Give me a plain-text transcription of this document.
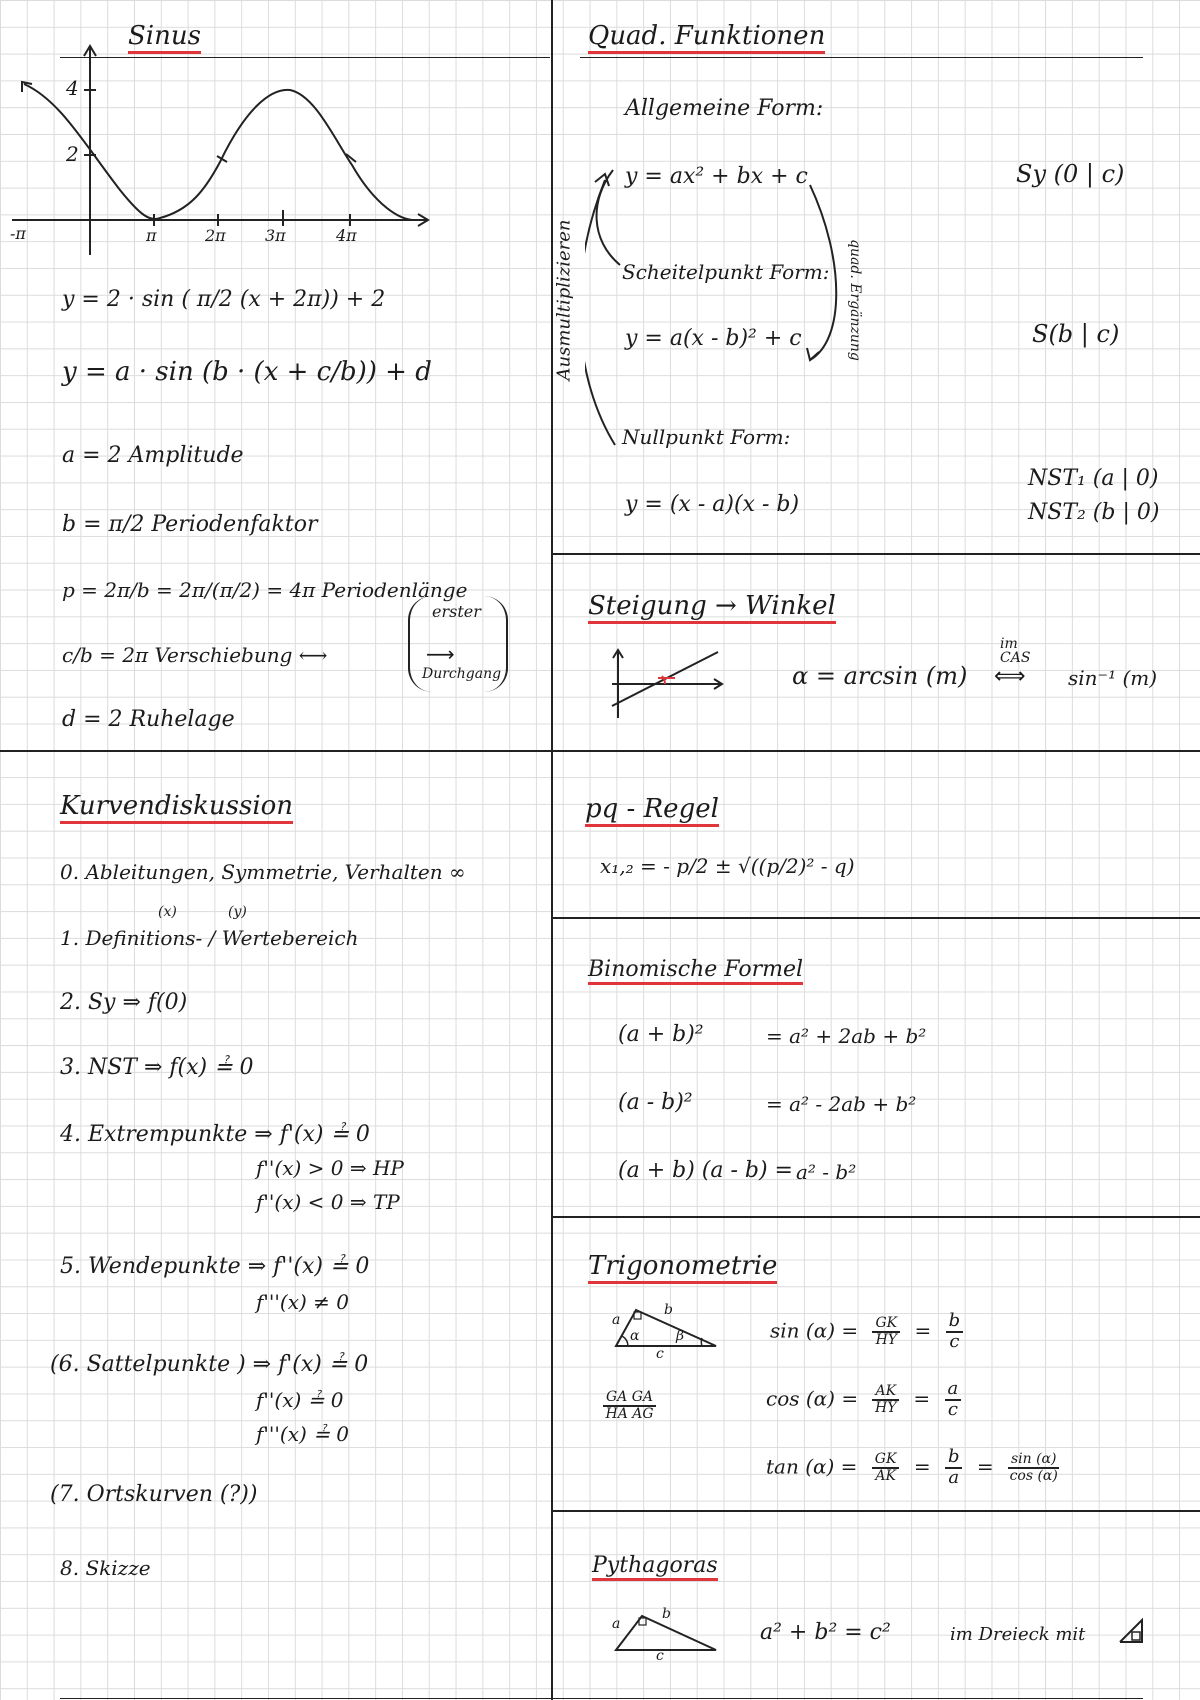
Sinus
4
2
-π	π	2π 3π	4π
y = 2 · sin ( π/2 (x + 2π)) + 2
y = a · sin (b · (x + c/b)) + d
a = 2 Amplitude
b = π/2 Periodenfaktor
p = 2π/b = 2π/(π/2) = 4π Periodenlänge
c/b = 2π Verschiebung ⟷
erster
⟶
Durchgang
d = 2 Ruhelage
Quad. Funktionen
Allgemeine Form:
y = ax² + bx + c	Sy (0 | c)
Scheitelpunkt Form:
y = a(x - b)² + c	S(b | c)
Nullpunkt Form:
y = (x - a)(x - b)
NST₁ (a | 0)
NST₂ (b | 0)
Ausmultiplizieren	quad. Ergänzung
Steigung → Winkel
α = arcsin (m)
im
CAS
⟺ sin⁻¹ (m)
Kurvendiskussion
0. Ableitungen, Symmetrie, Verhalten ∞
(x)	(y)
1. Definitions- / Wertebereich
2. Sy ⇒ f(0)
3. NST ⇒ f(x) ≟ 0
4. Extrempunkte ⇒ f'(x) ≟ 0
f''(x) > 0 ⇒ HP
f''(x) < 0 ⇒ TP
5. Wendepunkte ⇒ f''(x) ≟ 0
f'''(x) ≠ 0
(6. Sattelpunkte ) ⇒ f'(x) ≟ 0
f''(x) ≟ 0
f'''(x) ≟ 0
(7. Ortskurven (?))
8. Skizze
pq - Regel
x₁,₂ = - p/2 ± √((p/2)² - q)
Binomische Formel
(a + b)²	= a² + 2ab + b²
(a - b)²	= a² - 2ab + b²
(a + b) (a - b) = a² - b²
Trigonometrie
a
b
c
α	β
$\frac{\text{GA GA}}{\text{HA AG}}$
$\sin (\alpha) = \frac{GK}{HY} = \frac{b}{c}$
$\cos (\alpha) = \frac{AK}{HY} = \frac{a}{c}$
$\tan (\alpha) = \frac{GK}{AK} = \frac{b}{a} = \frac{\sin (\alpha)}{\cos (\alpha)}$
Pythagoras
a
b
c
a² + b² = c²	im Dreieck mit
